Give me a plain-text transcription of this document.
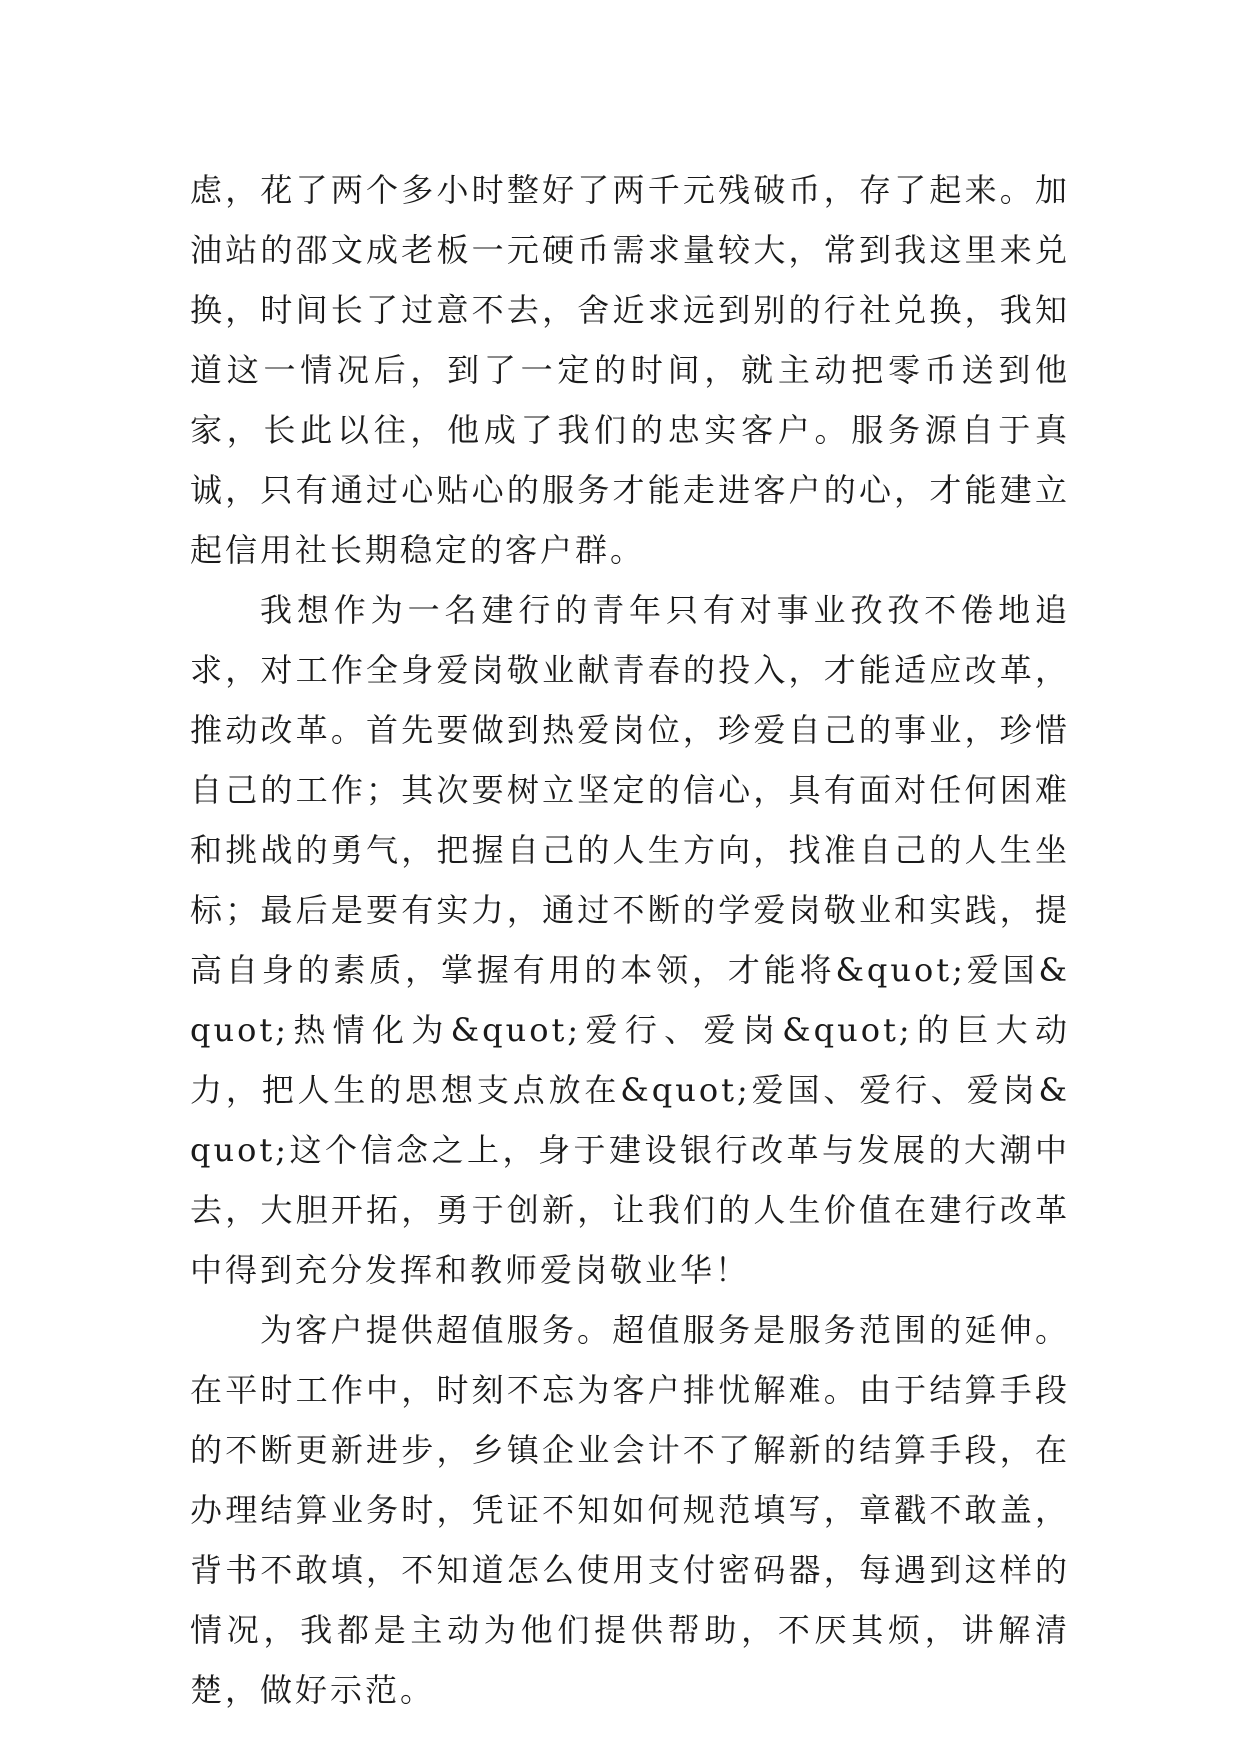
虑，花了两个多小时整好了两千元残破币，存了起来。加油站的邵文成老板一元硬币需求量较大，常到我这里来兑换，时间长了过意不去，舍近求远到别的行社兑换，我知道这一情况后，到了一定的时间，就主动把零币送到他家，长此以往，他成了我们的忠实客户。服务源自于真诚，只有通过心贴心的服务才能走进客户的心，才能建立起信用社长期稳定的客户群。

我想作为一名建行的青年只有对事业孜孜不倦地追求，对工作全身爱岗敬业献青春的投入，才能适应改革，推动改革。首先要做到热爱岗位，珍爱自己的事业，珍惜自己的工作；其次要树立坚定的信心，具有面对任何困难和挑战的勇气，把握自己的人生方向，找准自己的人生坐标；最后是要有实力，通过不断的学爱岗敬业和实践，提高自身的素质，掌握有用的本领，才能将&quot;爱国&quot;热情化为&quot;爱行、爱岗&quot;的巨大动力，把人生的思想支点放在&quot;爱国、爱行、爱岗&quot;这个信念之上，身于建设银行改革与发展的大潮中去，大胆开拓，勇于创新，让我们的人生价值在建行改革中得到充分发挥和教师爱岗敬业华！

为客户提供超值服务。超值服务是服务范围的延伸。在平时工作中，时刻不忘为客户排忧解难。由于结算手段的不断更新进步，乡镇企业会计不了解新的结算手段，在办理结算业务时，凭证不知如何规范填写，章戳不敢盖，背书不敢填，不知道怎么使用支付密码器，每遇到这样的情况，我都是主动为他们提供帮助，不厌其烦，讲解清楚，做好示范。
